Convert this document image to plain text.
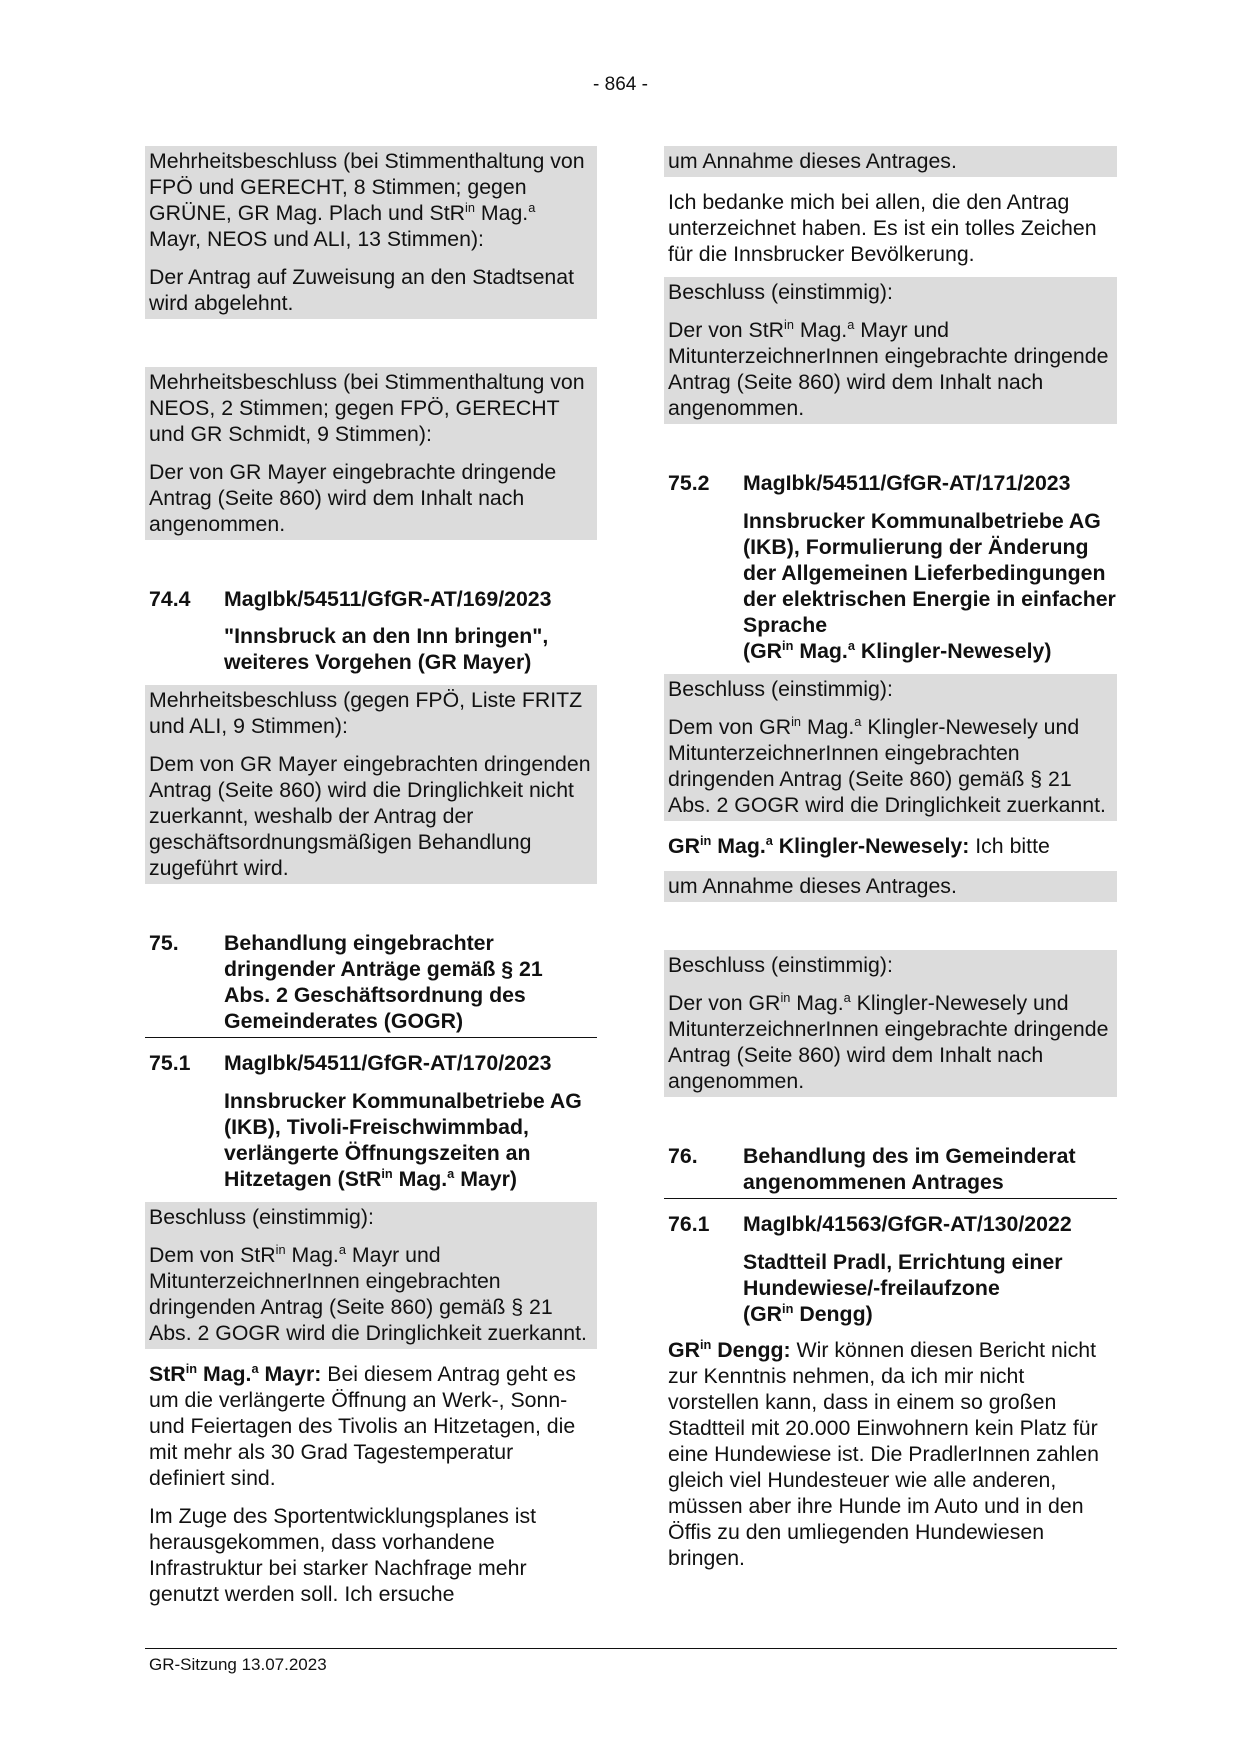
- 864 -

Mehrheitsbeschluss (bei Stimmenthaltung von FPÖ und GERECHT, 8 Stimmen; gegen GRÜNE, GR Mag. Plach und StR$^{in}$ Mag.$^a$ Mayr, NEOS und ALI, 13 Stimmen):

Der Antrag auf Zuweisung an den Stadtsenat wird abgelehnt.

Mehrheitsbeschluss (bei Stimmenthaltung von NEOS, 2 Stimmen; gegen FPÖ, GERECHT und GR Schmidt, 9 Stimmen):

Der von GR Mayer eingebrachte dringende Antrag (Seite 860) wird dem Inhalt nach angenommen.

74.4	MagIbk/54511/GfGR-AT/169/2023
"Innsbruck an den Inn bringen", weiteres Vorgehen (GR Mayer)

Mehrheitsbeschluss (gegen FPÖ, Liste FRITZ und ALI, 9 Stimmen):

Dem von GR Mayer eingebrachten dringenden Antrag (Seite 860) wird die Dringlichkeit nicht zuerkannt, weshalb der Antrag der geschäftsordnungsmäßigen Behandlung zugeführt wird.

75.	Behandlung eingebrachter dringender Anträge gemäß § 21 Abs. 2 Geschäftsordnung des Gemeinderates (GOGR)
75.1	MagIbk/54511/GfGR-AT/170/2023
Innsbrucker Kommunalbetriebe AG (IKB), Tivoli-Freischwimmbad, verlängerte Öffnungszeiten an Hitzetagen (StR$^{in}$ Mag.$^a$ Mayr)

Beschluss (einstimmig):

Dem von StR$^{in}$ Mag.$^a$ Mayr und MitunterzeichnerInnen eingebrachten dringenden Antrag (Seite 860) gemäß § 21 Abs. 2 GOGR wird die Dringlichkeit zuerkannt.

StR$^{in}$ Mag.$^a$ Mayr: Bei diesem Antrag geht es um die verlängerte Öffnung an Werk-, Sonn- und Feiertagen des Tivolis an Hitzetagen, die mit mehr als 30 Grad Tagestemperatur definiert sind.

Im Zuge des Sportentwicklungsplanes ist herausgekommen, dass vorhandene Infrastruktur bei starker Nachfrage mehr genutzt werden soll. Ich ersuche

um Annahme dieses Antrages.

Ich bedanke mich bei allen, die den Antrag unterzeichnet haben. Es ist ein tolles Zeichen für die Innsbrucker Bevölkerung.

Beschluss (einstimmig):

Der von StR$^{in}$ Mag.$^a$ Mayr und MitunterzeichnerInnen eingebrachte dringende Antrag (Seite 860) wird dem Inhalt nach angenommen.

75.2	MagIbk/54511/GfGR-AT/171/2023
Innsbrucker Kommunalbetriebe AG (IKB), Formulierung der Änderung der Allgemeinen Lieferbedingungen der elektrischen Energie in einfacher Sprache
($GR^{in}$ Mag.$^a$ Klingler-Newesely)

Beschluss (einstimmig):

Dem von $GR^{in}$ Mag.$^a$ Klingler-Newesely und MitunterzeichnerInnen eingebrachten dringenden Antrag (Seite 860) gemäß § 21 Abs. 2 GOGR wird die Dringlichkeit zuerkannt.

$GR^{in}$ Mag.$^a$ Klingler-Newesely: Ich bitte

um Annahme dieses Antrages.

Beschluss (einstimmig):

Der von $GR^{in}$ Mag.$^a$ Klingler-Newesely und MitunterzeichnerInnen eingebrachte dringende Antrag (Seite 860) wird dem Inhalt nach angenommen.

76.	Behandlung des im Gemeinderat angenommenen Antrages
76.1	MagIbk/41563/GfGR-AT/130/2022
Stadtteil Pradl, Errichtung einer Hundewiese/-freilaufzone
($GR^{in}$ Dengg)

$GR^{in}$ Dengg: Wir können diesen Bericht nicht zur Kenntnis nehmen, da ich mir nicht vorstellen kann, dass in einem so großen Stadtteil mit 20.000 Einwohnern kein Platz für eine Hundewiese ist. Die PradlerInnen zahlen gleich viel Hundesteuer wie alle anderen, müssen aber ihre Hunde im Auto und in den Öffis zu den umliegenden Hundewiesen bringen.

GR-Sitzung 13.07.2023
